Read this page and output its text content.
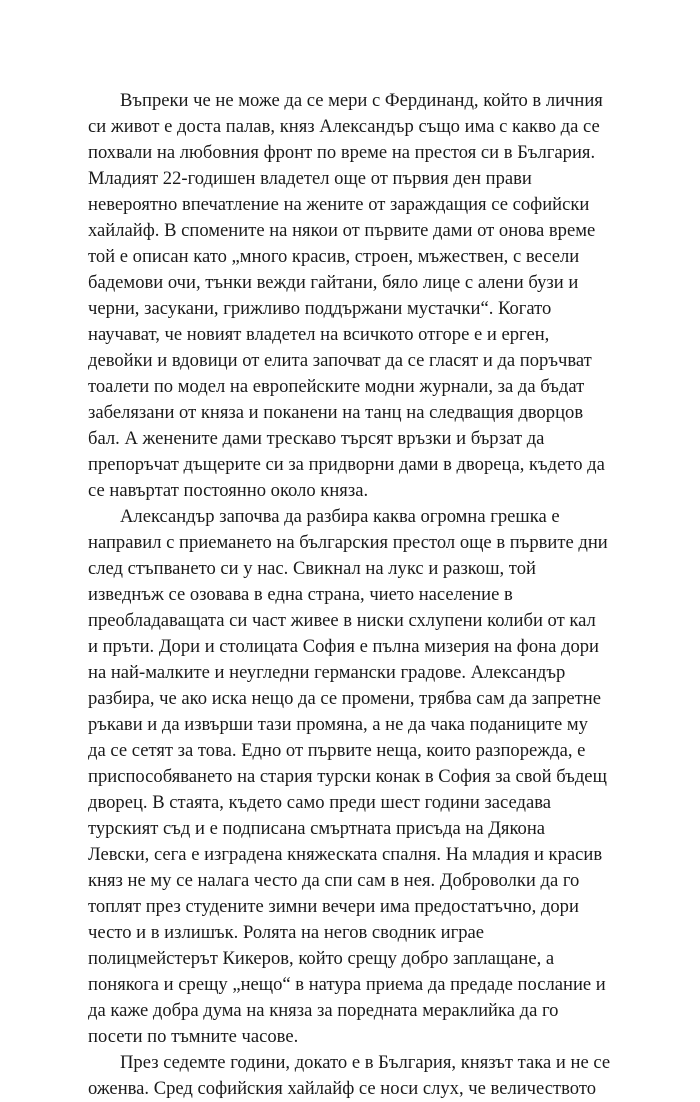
Въпреки че не може да се мери с Фердинанд, който в личния
си живот е доста палав, княз Александър също има с какво да се
похвали на любовния фронт по време на престоя си в България.
Младият 22-годишен владетел още от първия ден прави
невероятно впечатление на жените от зараждащия се софийски
хайлайф. В спомените на някои от първите дами от онова време
той е описан като „много красив, строен, мъжествен, с весели
бадемови очи, тънки вежди гайтани, бяло лице с алени бузи и
черни, засукани, грижливо поддържани мустачки“. Когато
научават, че новият владетел на всичкото отгоре е и ерген,
девойки и вдовици от елита започват да се гласят и да поръчват
тоалети по модел на европейските модни журнали, за да бъдат
забелязани от княза и поканени на танц на следващия дворцов
бал. А женените дами трескаво търсят връзки и бързат да
препоръчат дъщерите си за придворни дами в двореца, където да
се навъртат постоянно около княза.
Александър започва да разбира каква огромна грешка е
направил с приемането на българския престол още в първите дни
след стъпването си у нас. Свикнал на лукс и разкош, той
изведнъж се озовава в една страна, чието население в
преобладаващата си част живее в ниски схлупени колиби от кал
и пръти. Дори и столицата София е пълна мизерия на фона дори
на най-малките и неугледни германски градове. Александър
разбира, че ако иска нещо да се промени, трябва сам да запретне
ръкави и да извърши тази промяна, а не да чака поданиците му
да се сетят за това. Едно от първите неща, които разпорежда, е
приспособяването на стария турски конак в София за свой бъдещ
дворец. В стаята, където само преди шест години заседава
турският съд и е подписана смъртната присъда на Дякона
Левски, сега е изградена княжеската спалня. На младия и красив
княз не му се налага често да спи сам в нея. Доброволки да го
топлят през студените зимни вечери има предостатъчно, дори
често и в излишък. Ролята на негов сводник играе
полицмейстерът Кикеров, който срещу добро заплащане, а
понякога и срещу „нещо“ в натура приема да предаде послание и
да каже добра дума на княза за поредната мераклийка да го
посети по тъмните часове.
През седемте години, докато е в България, князът така и не се
оженва. Сред софийския хайлайф се носи слух, че величеството
